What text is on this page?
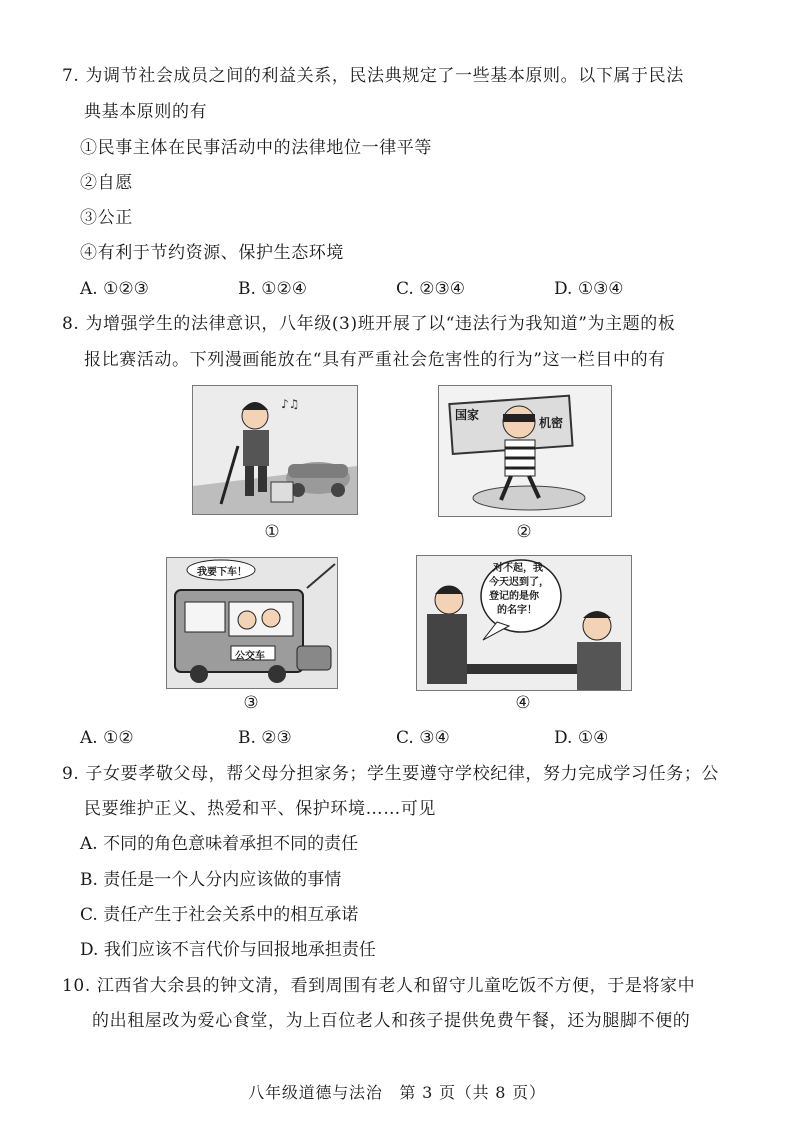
7. 为调节社会成员之间的利益关系，民法典规定了一些基本原则。以下属于民法
典基本原则的有
①民事主体在民事活动中的法律地位一律平等
②自愿
③公正
④有利于节约资源、保护生态环境
A. ①②③	B. ①②④	C. ②③④	D. ①③④
8. 为增强学生的法律意识，八年级(3)班开展了以“违法行为我知道”为主题的板
报比赛活动。下列漫画能放在“具有严重社会危害性的行为”这一栏目中的有
♪♫
①
国家
机密
②
我要下车！
公交车
③
对不起，我
今天迟到了，
登记的是你
的名字！
④
A. ①②	B. ②③	C. ③④	D. ①④
9. 子女要孝敬父母，帮父母分担家务；学生要遵守学校纪律，努力完成学习任务；公
民要维护正义、热爱和平、保护环境……可见
A. 不同的角色意味着承担不同的责任
B. 责任是一个人分内应该做的事情
C. 责任产生于社会关系中的相互承诺
D. 我们应该不言代价与回报地承担责任
10. 江西省大余县的钟文清，看到周围有老人和留守儿童吃饭不方便，于是将家中
的出租屋改为爱心食堂，为上百位老人和孩子提供免费午餐，还为腿脚不便的
八年级道德与法治　第 3 页（共 8 页）
